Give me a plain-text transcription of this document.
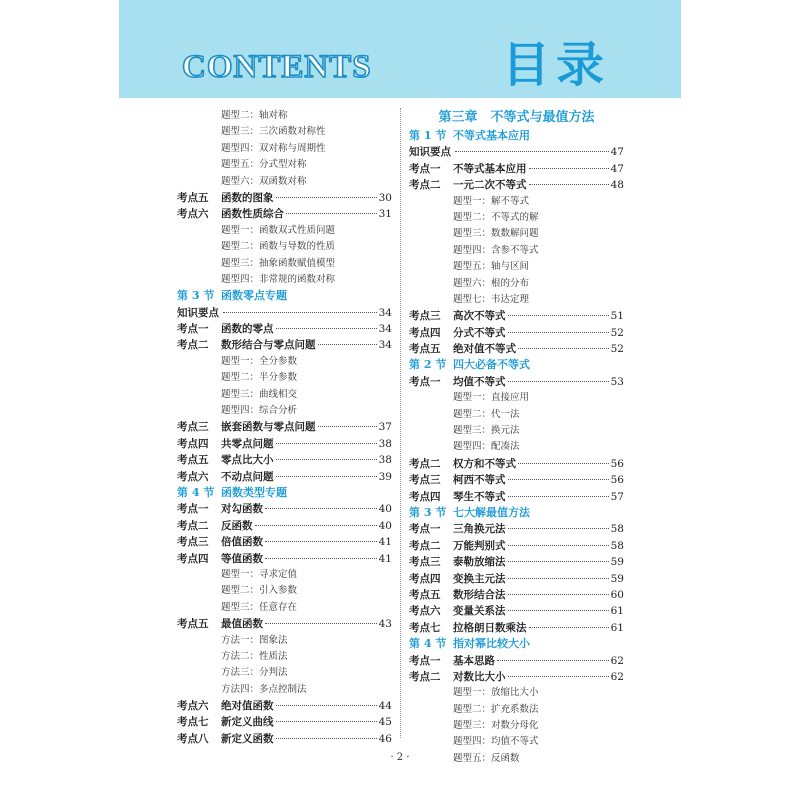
CONTENTS	目录
题型二：轴对称
题型三：三次函数对称性
题型四：双对称与周期性
题型五：分式型对称
题型六：双函数对称
考点五	函数的图象	30
考点六	函数性质综合	31
题型一：函数双式性质问题
题型二：函数与导数的性质
题型三：抽象函数赋值模型
题型四：非常规的函数对称
第 3 节 函数零点专题
知识要点	34
考点一	函数的零点	34
考点二	数形结合与零点问题	34
题型一：全分参数
题型二：半分参数
题型三：曲线相交
题型四：综合分析
考点三	嵌套函数与零点问题	37
考点四	共零点问题	38
考点五	零点比大小	38
考点六	不动点问题	39
第 4 节 函数类型专题
考点一	对勾函数	40
考点二	反函数	40
考点三	倍值函数	41
考点四	等值函数	41
题型一：寻求定值
题型二：引入参数
题型三：任意存在
考点五	最值函数	43
方法一：图象法
方法二：性质法
方法三：分判法
方法四：多点控制法
考点六	绝对值函数	44
考点七	新定义曲线	45
考点八	新定义函数	46
第三章　不等式与最值方法
第 1 节 不等式基本应用
知识要点	47
考点一	不等式基本应用	47
考点二	一元二次不等式	48
题型一：解不等式
题型二：不等式的解
题型三：数数解问题
题型四：含参不等式
题型五：轴与区间
题型六：根的分布
题型七：韦达定理
考点三	高次不等式	51
考点四	分式不等式	52
考点五	绝对值不等式	52
第 2 节 四大必备不等式
考点一	均值不等式	53
题型一：直接应用
题型二：代一法
题型三：换元法
题型四：配凑法
考点二	权方和不等式	56
考点三	柯西不等式	56
考点四	琴生不等式	57
第 3 节 七大解最值方法
考点一	三角换元法	58
考点二	万能判别式	58
考点三	泰勒放缩法	59
考点四	变换主元法	59
考点五	数形结合法	60
考点六	变量关系法	61
考点七	拉格朗日数乘法	61
第 4 节 指对幂比较大小
考点一	基本思路	62
考点二	对数比大小	62
题型一：放缩比大小
题型二：扩充系数法
题型三：对数分母化
题型四：均值不等式
题型五：反函数
· 2 ·
